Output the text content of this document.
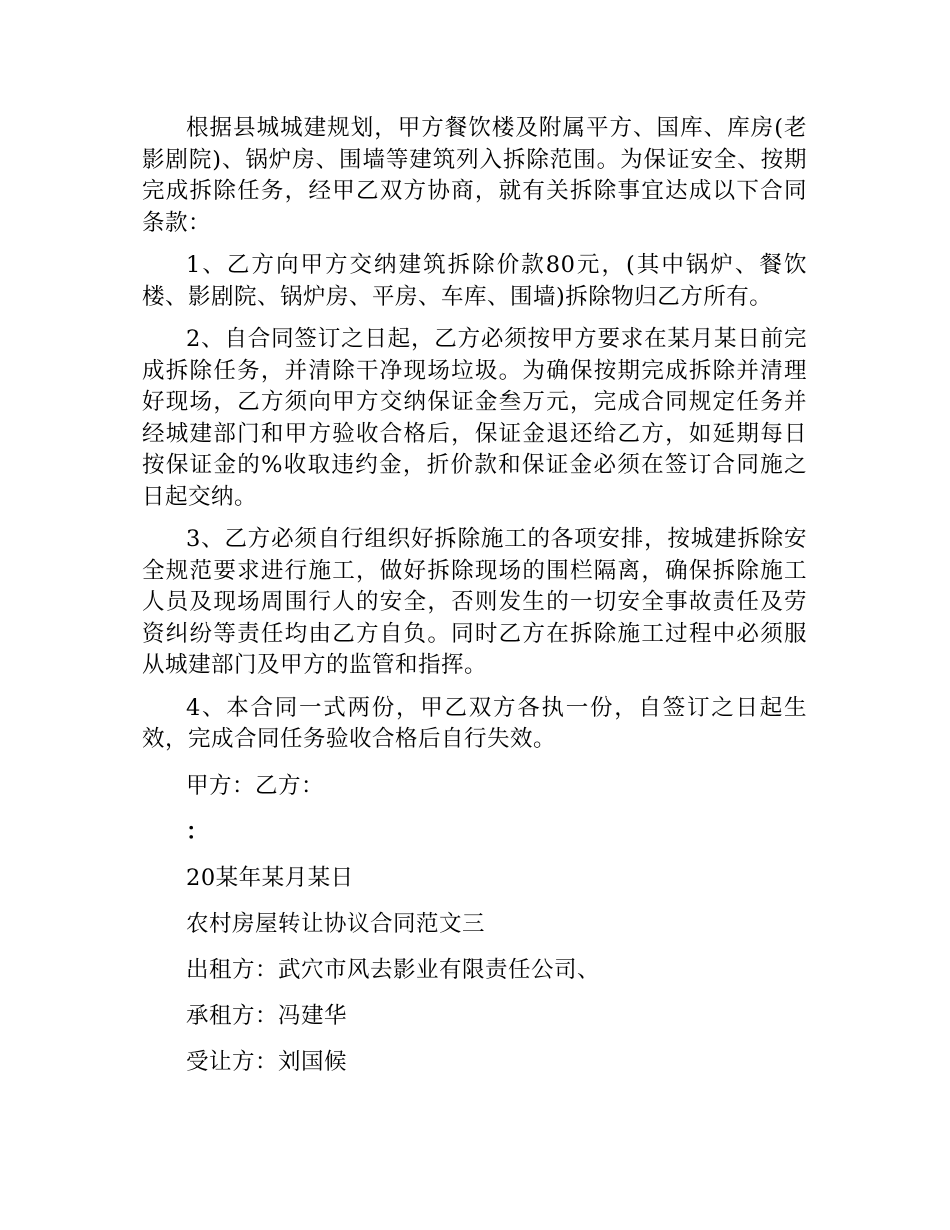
根据县城城建规划，甲方餐饮楼及附属平方、国库、库房(老影剧院)、锅炉房、围墙等建筑列入拆除范围。为保证安全、按期完成拆除任务，经甲乙双方协商，就有关拆除事宜达成以下合同条款：

1、乙方向甲方交纳建筑拆除价款80元，(其中锅炉、餐饮楼、影剧院、锅炉房、平房、车库、围墙)拆除物归乙方所有。

2、自合同签订之日起，乙方必须按甲方要求在某月某日前完成拆除任务，并清除干净现场垃圾。为确保按期完成拆除并清理好现场，乙方须向甲方交纳保证金叁万元，完成合同规定任务并经城建部门和甲方验收合格后，保证金退还给乙方，如延期每日按保证金的%收取违约金，折价款和保证金必须在签订合同施之日起交纳。

3、乙方必须自行组织好拆除施工的各项安排，按城建拆除安全规范要求进行施工，做好拆除现场的围栏隔离，确保拆除施工人员及现场周围行人的安全，否则发生的一切安全事故责任及劳资纠纷等责任均由乙方自负。同时乙方在拆除施工过程中必须服从城建部门及甲方的监管和指挥。

4、本合同一式两份，甲乙双方各执一份，自签订之日起生效，完成合同任务验收合格后自行失效。

甲方：乙方：

：

20某年某月某日

农村房屋转让协议合同范文三

出租方：武穴市风去影业有限责任公司、

承租方：冯建华

受让方：刘国候
